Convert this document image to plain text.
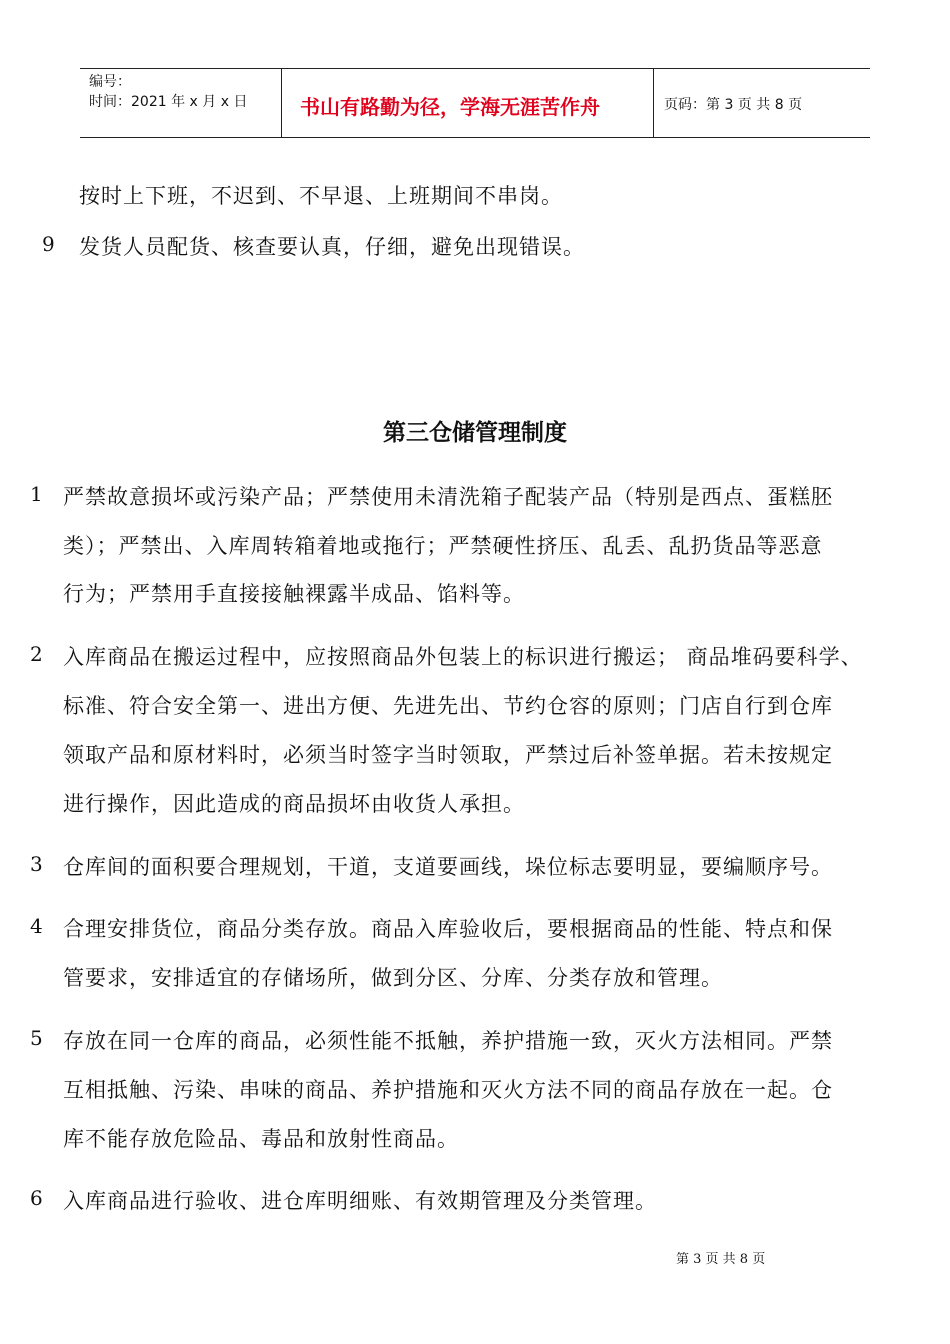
编号：
时间：2021 年 x 月 x 日	书山有路勤为径，学海无涯苦作舟	页码：第 3 页 共 8 页
按时上下班，不迟到、不早退、上班期间不串岗。
9 发货人员配货、核查要认真，仔细，避免出现错误。
第三仓储管理制度
1 严禁故意损坏或污染产品；严禁使用未清洗箱子配装产品（特别是西点、蛋糕胚
类）；严禁出、入库周转箱着地或拖行；严禁硬性挤压、乱丢、乱扔货品等恶意
行为；严禁用手直接接触裸露半成品、馅料等。
2 入库商品在搬运过程中，应按照商品外包装上的标识进行搬运； 商品堆码要科学、
标准、符合安全第一、进出方便、先进先出、节约仓容的原则；门店自行到仓库
领取产品和原材料时，必须当时签字当时领取，严禁过后补签单据。若未按规定
进行操作，因此造成的商品损坏由收货人承担。
3 仓库间的面积要合理规划，干道，支道要画线，垛位标志要明显，要编顺序号。
4 合理安排货位，商品分类存放。商品入库验收后，要根据商品的性能、特点和保
管要求，安排适宜的存储场所，做到分区、分库、分类存放和管理。
5 存放在同一仓库的商品，必须性能不抵触，养护措施一致，灭火方法相同。严禁
互相抵触、污染、串味的商品、养护措施和灭火方法不同的商品存放在一起。仓
库不能存放危险品、毒品和放射性商品。
6 入库商品进行验收、进仓库明细账、有效期管理及分类管理。
第 3 页 共 8 页
